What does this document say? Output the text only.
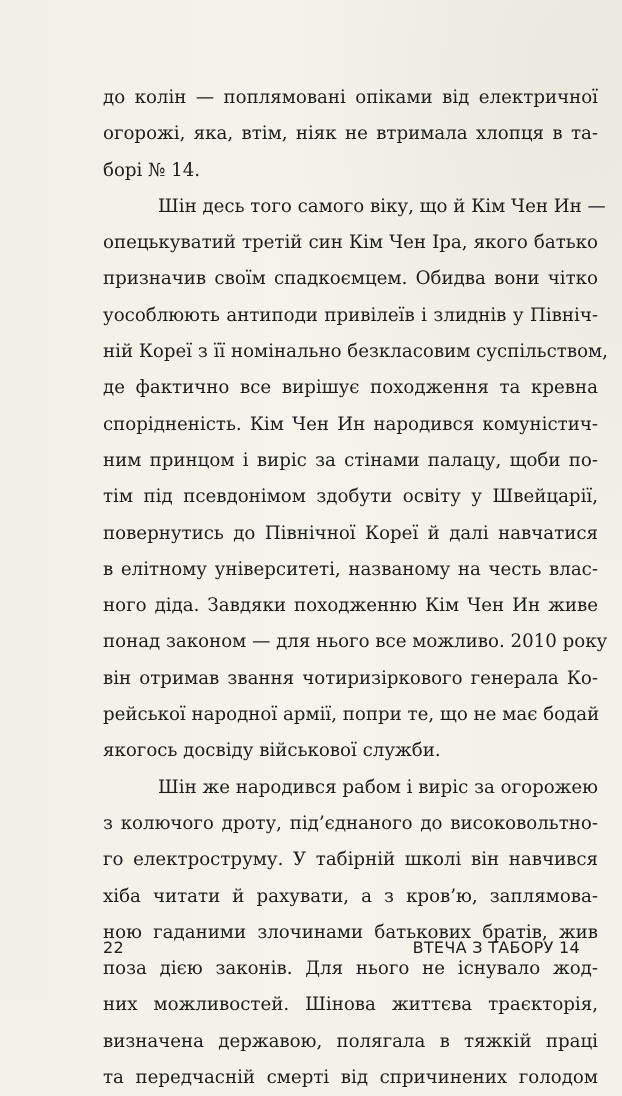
до колін — поплямовані опіками від електричної
огорожі, яка, втім, ніяк не втримала хлопця в та-
борі № 14.
Шін десь того самого віку, що й Кім Чен Ин —
опецькуватий третій син Кім Чен Іра, якого батько
призначив своїм спадкоємцем. Обидва вони чітко
уособлюють антиподи привілеїв і злиднів у Північ-
ній Кореї з її номінально безкласовим суспільством,
де фактично все вирішує походження та кревна
спорідненість. Кім Чен Ин народився комуністич-
ним принцом і виріс за стінами палацу, щоби по-
тім під псевдонімом здобути освіту у Швейцарії,
повернутись до Північної Кореї й далі навчатися
в елітному університеті, названому на честь влас-
ного діда. Завдяки походженню Кім Чен Ин живе
понад законом — для нього все можливо. 2010 року
він отримав звання чотиризіркового генерала Ко-
рейської народної армії, попри те, що не має бодай
якогось досвіду військової служби.
Шін же народився рабом і виріс за огорожею
з колючого дроту, під’єднаного до високовольтно-
го електроструму. У табірній школі він навчився
хіба читати й рахувати, а з кров’ю, заплямова-
ною гаданими злочинами батькових братів, жив
поза дією законів. Для нього не існувало жод-
них можливостей. Шінова життєва траєкторія,
визначена державою, полягала в тяжкій праці
та передчасній смерті від спричинених голодом
22	ВТЕЧА З ТАБОРУ 14
